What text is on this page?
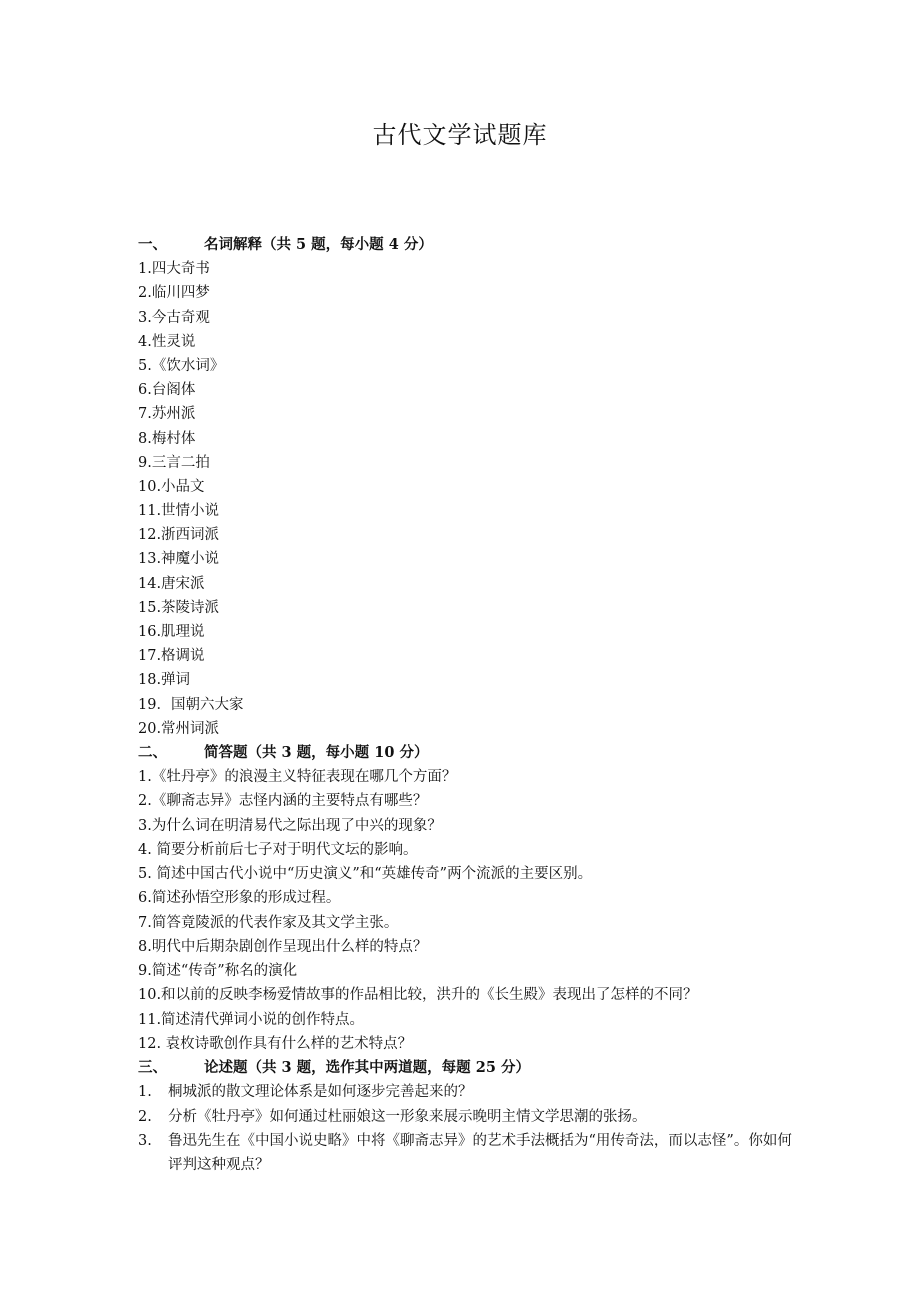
古代文学试题库
一、	名词解释（共 5 题，每小题 4 分）
1.四大奇书
2.临川四梦
3.今古奇观
4.性灵说
5.《饮水词》
6.台阁体
7.苏州派
8.梅村体
9.三言二拍
10.小品文
11.世情小说
12.浙西词派
13.神魔小说
14.唐宋派
15.茶陵诗派
16.肌理说
17.格调说
18.弹词
19．国朝六大家
20.常州词派
二、	简答题（共 3 题，每小题 10 分）
1.《牡丹亭》的浪漫主义特征表现在哪几个方面？
2.《聊斋志异》志怪内涵的主要特点有哪些？
3.为什么词在明清易代之际出现了中兴的现象？
4. 简要分析前后七子对于明代文坛的影响。
5. 简述中国古代小说中“历史演义”和“英雄传奇”两个流派的主要区别。
6.简述孙悟空形象的形成过程。
7.简答竟陵派的代表作家及其文学主张。
8.明代中后期杂剧创作呈现出什么样的特点？
9.简述“传奇”称名的演化
10.和以前的反映李杨爱情故事的作品相比较，洪升的《长生殿》表现出了怎样的不同？
11.简述清代弹词小说的创作特点。
12. 袁枚诗歌创作具有什么样的艺术特点？
三、	论述题（共 3 题，选作其中两道题，每题 25 分）
1.	桐城派的散文理论体系是如何逐步完善起来的？
2.	分析《牡丹亭》如何通过杜丽娘这一形象来展示晚明主情文学思潮的张扬。
3.	鲁迅先生在《中国小说史略》中将《聊斋志异》的艺术手法概括为“用传奇法，而以志怪”。你如何评判这种观点？
